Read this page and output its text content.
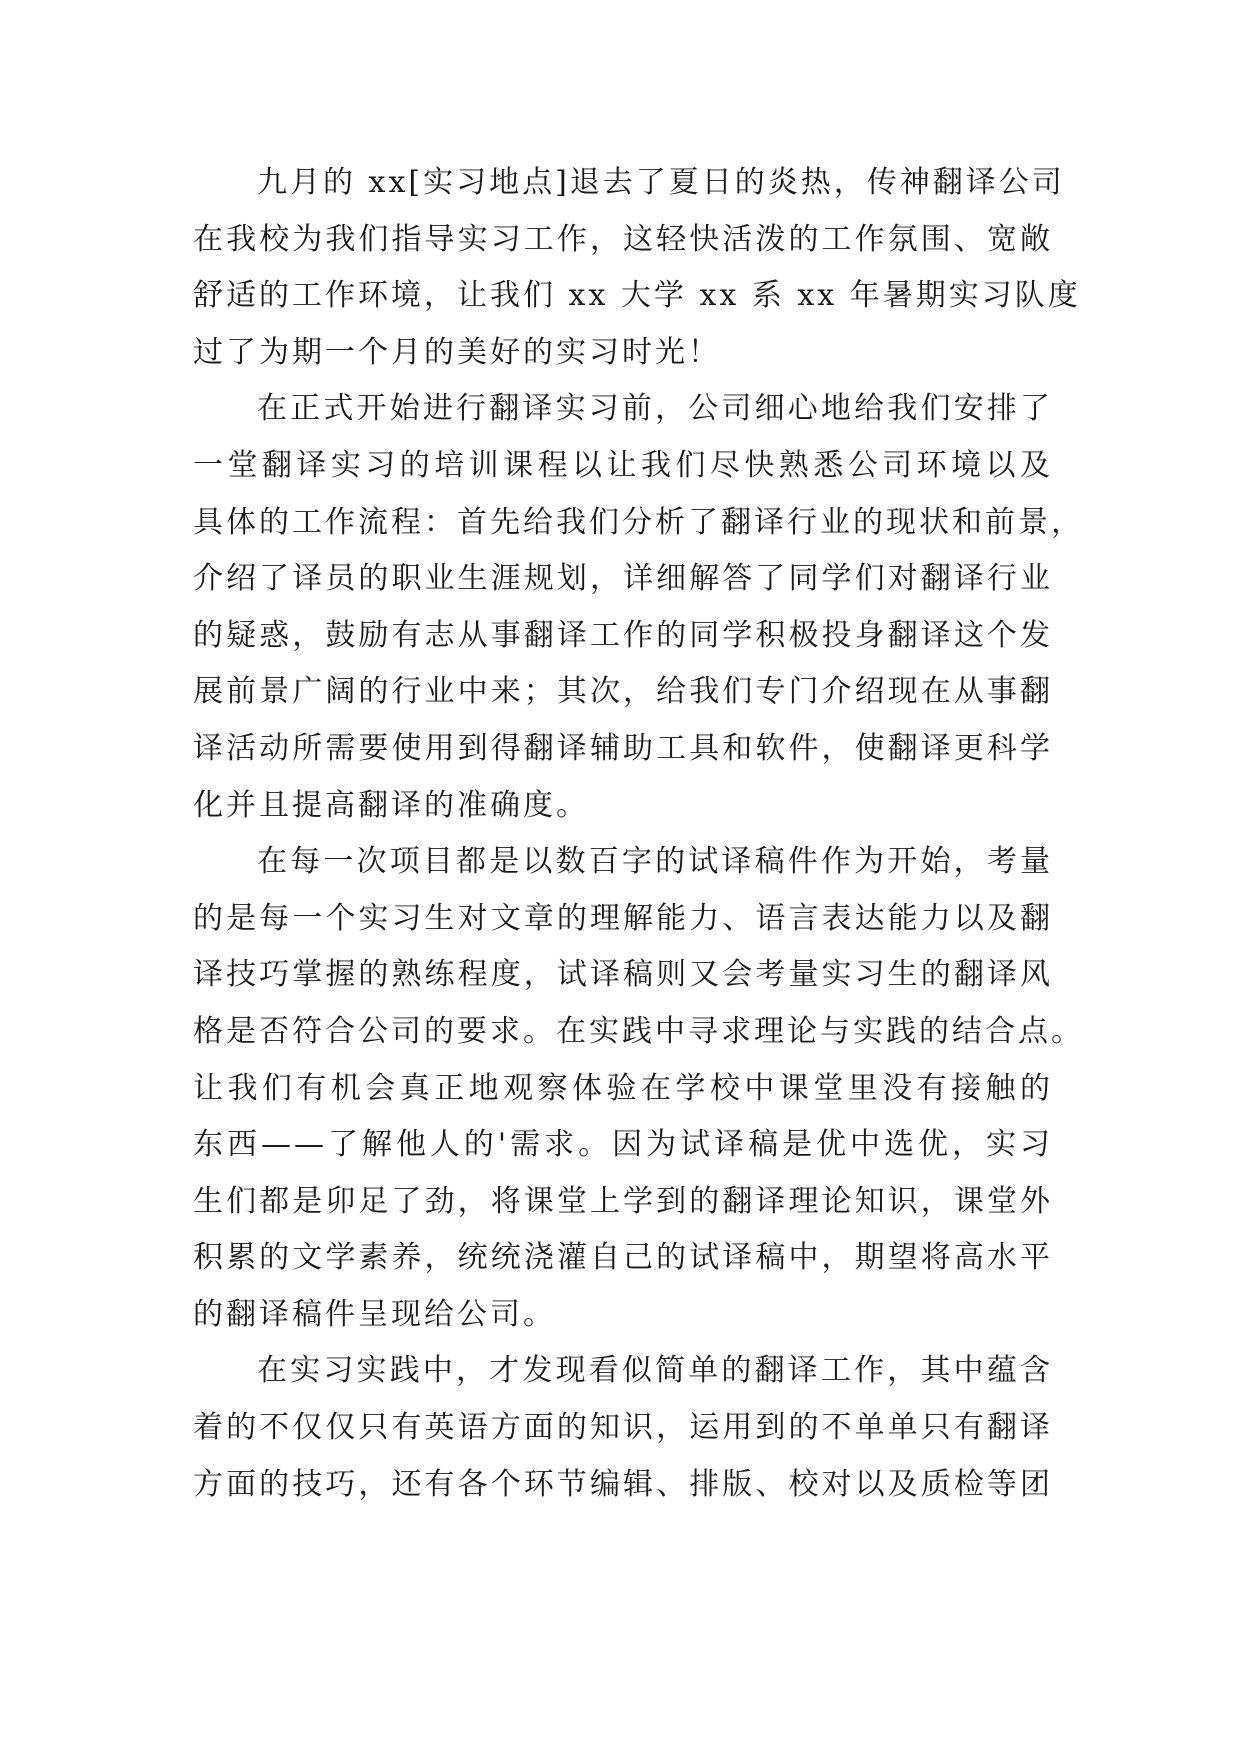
九月的 xx[实习地点]退去了夏日的炎热，传神翻译公司
在我校为我们指导实习工作，这轻快活泼的工作氛围、宽敞
舒适的工作环境，让我们 xx 大学 xx 系 xx 年暑期实习队度
过了为期一个月的美好的实习时光！
在正式开始进行翻译实习前，公司细心地给我们安排了
一堂翻译实习的培训课程以让我们尽快熟悉公司环境以及
具体的工作流程：首先给我们分析了翻译行业的现状和前景，
介绍了译员的职业生涯规划，详细解答了同学们对翻译行业
的疑惑，鼓励有志从事翻译工作的同学积极投身翻译这个发
展前景广阔的行业中来；其次，给我们专门介绍现在从事翻
译活动所需要使用到得翻译辅助工具和软件，使翻译更科学
化并且提高翻译的准确度。
在每一次项目都是以数百字的试译稿件作为开始，考量
的是每一个实习生对文章的理解能力、语言表达能力以及翻
译技巧掌握的熟练程度，试译稿则又会考量实习生的翻译风
格是否符合公司的要求。在实践中寻求理论与实践的结合点。
让我们有机会真正地观察体验在学校中课堂里没有接触的
东西——了解他人的'需求。因为试译稿是优中选优，实习
生们都是卯足了劲，将课堂上学到的翻译理论知识，课堂外
积累的文学素养，统统浇灌自己的试译稿中，期望将高水平
的翻译稿件呈现给公司。
在实习实践中，才发现看似简单的翻译工作，其中蕴含
着的不仅仅只有英语方面的知识，运用到的不单单只有翻译
方面的技巧，还有各个环节编辑、排版、校对以及质检等团
